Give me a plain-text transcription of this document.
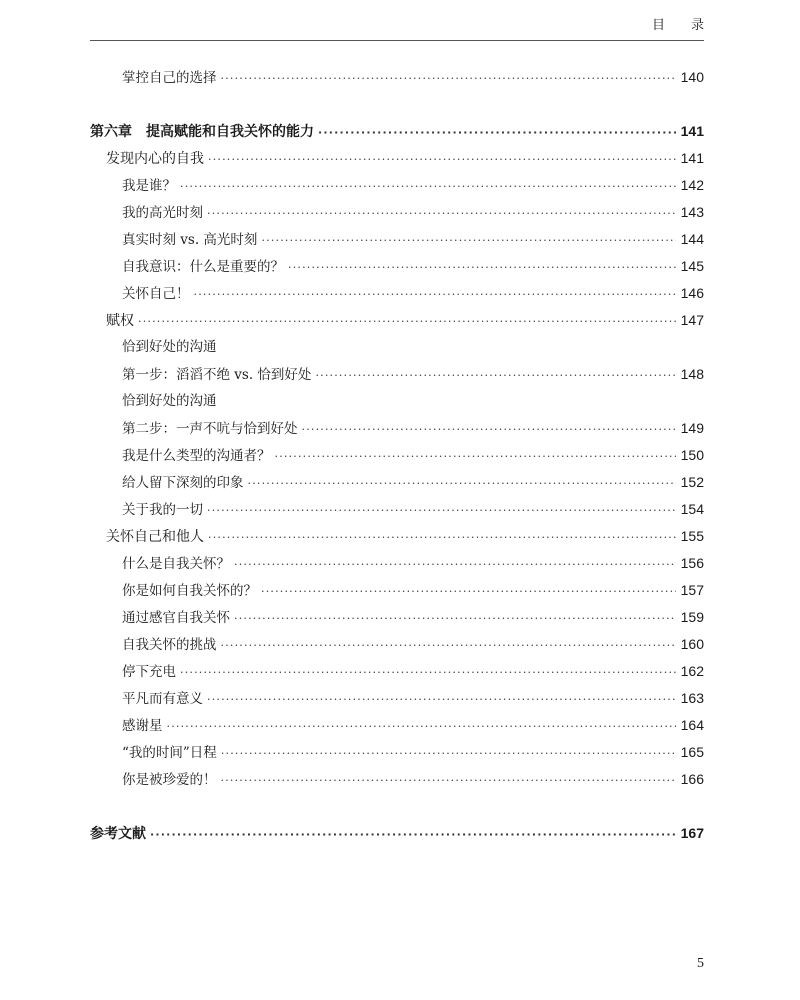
目 录
掌控自己的选择 ·····	140
第六章 提高赋能和自我关怀的能力 ·····	141
发现内心的自我 ·····	141
我是谁？ ·····	142
我的高光时刻 ·····	143
真实时刻 vs. 高光时刻 ·····	144
自我意识：什么是重要的？ ·····	145
关怀自己！ ·····	146
赋权 ·····	147
恰到好处的沟通
第一步：滔滔不绝 vs. 恰到好处 ·····	148
恰到好处的沟通
第二步：一声不吭与恰到好处 ·····	149
我是什么类型的沟通者？ ·····	150
给人留下深刻的印象 ·····	152
关于我的一切 ·····	154
关怀自己和他人 ·····	155
什么是自我关怀？ ·····	156
你是如何自我关怀的？ ·····	157
通过感官自我关怀 ·····	159
自我关怀的挑战 ·····	160
停下充电 ·····	162
平凡而有意义 ·····	163
感谢星 ·····	164
“我的时间”日程 ·····	165
你是被珍爱的！ ·····	166
参考文献 ·····	167
5
